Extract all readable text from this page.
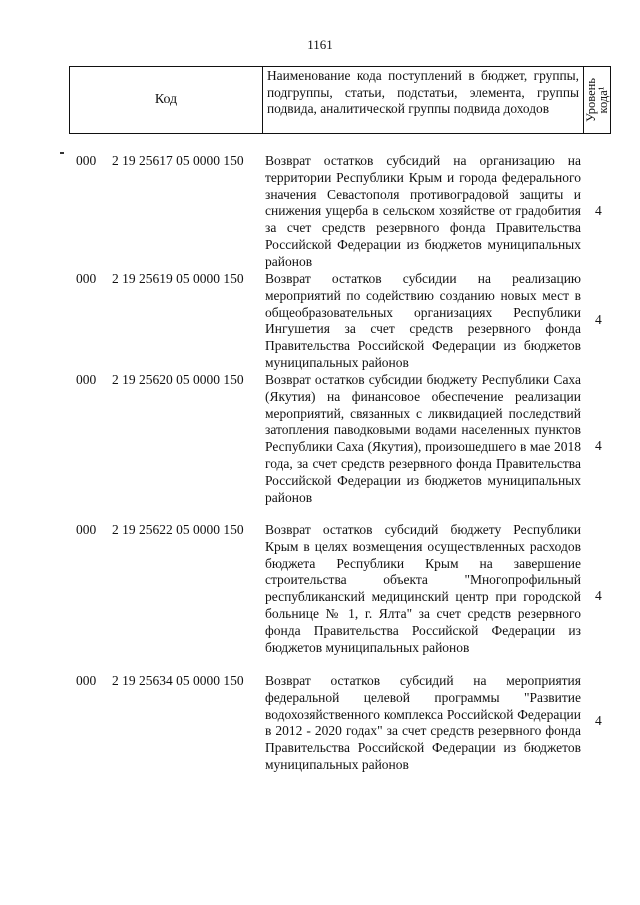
1161
Код
Наименование кода поступлений в бюджет, группы, подгруппы, статьи, подстатьи, элемента, группы подвида, аналитической группы подвида доходов	Уровень кода¹
000 2 19 25617 05 0000 150 Возврат остатков субсидий на организацию на территории Республики Крым и города федерального значения Севастополя противоградовой защиты и снижения ущерба в сельском хозяйстве от градобития за счет средств резервного фонда Правительства Российской Федерации из бюджетов муниципальных районов
4
000 2 19 25619 05 0000 150 Возврат остатков субсидии на реализацию мероприятий по содействию созданию новых мест в общеобразовательных организациях Республики Ингушетия за счет средств резервного фонда Правительства Российской Федерации из бюджетов муниципальных районов
4
000 2 19 25620 05 0000 150 Возврат остатков субсидии бюджету Республики Саха (Якутия) на финансовое обеспечение реализации мероприятий, связанных с ликвидацией последствий затопления паводковыми водами населенных пунктов Республики Саха (Якутия), произошедшего в мае 2018 года, за счет средств резервного фонда Правительства Российской Федерации из бюджетов муниципальных районов
4
000 2 19 25622 05 0000 150 Возврат остатков субсидий бюджету Республики Крым в целях возмещения осуществленных расходов бюджета Республики Крым на завершение строительства объекта "Многопрофильный республиканский медицинский центр при городской больнице № 1, г. Ялта" за счет средств резервного фонда Правительства Российской Федерации из бюджетов муниципальных районов
4
000 2 19 25634 05 0000 150 Возврат остатков субсидий на мероприятия федеральной целевой программы "Развитие водохозяйственного комплекса Российской Федерации в 2012 - 2020 годах" за счет средств резервного фонда Правительства Российской Федерации из бюджетов муниципальных районов
4
